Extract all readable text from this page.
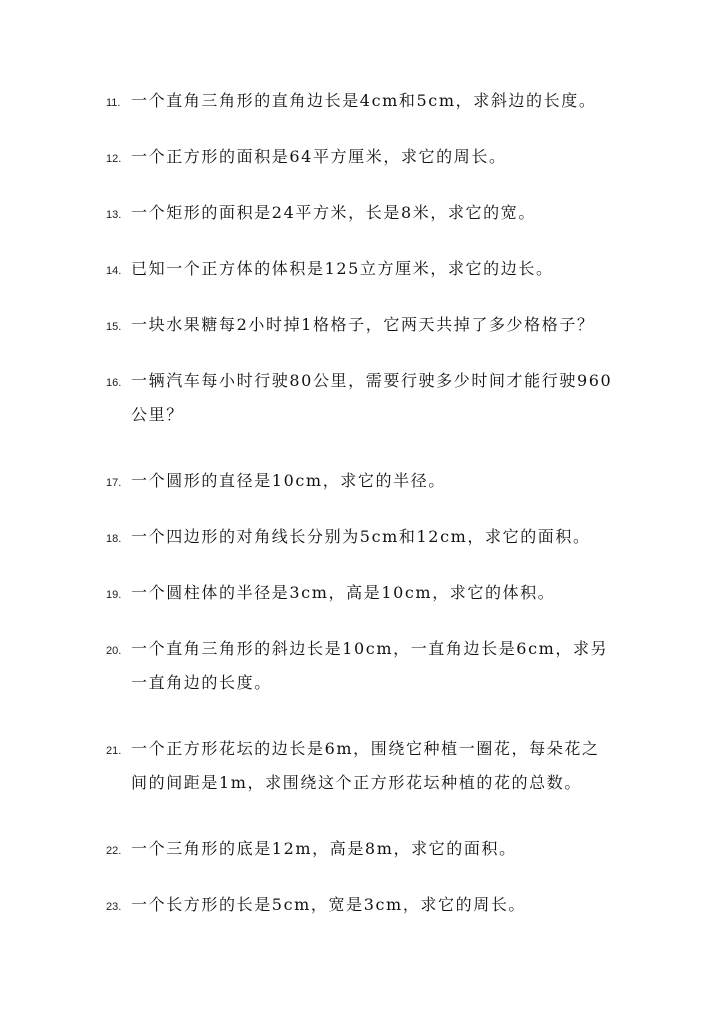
11. 一个直角三角形的直角边长是4cm和5cm，求斜边的长度。
12. 一个正方形的面积是64平方厘米，求它的周长。
13. 一个矩形的面积是24平方米，长是8米，求它的宽。
14. 已知一个正方体的体积是125立方厘米，求它的边长。
15. 一块水果糖每2小时掉1格格子，它两天共掉了多少格格子？
16. 一辆汽车每小时行驶80公里，需要行驶多少时间才能行驶960
公里？
17. 一个圆形的直径是10cm，求它的半径。
18. 一个四边形的对角线长分别为5cm和12cm，求它的面积。
19. 一个圆柱体的半径是3cm，高是10cm，求它的体积。
20. 一个直角三角形的斜边长是10cm，一直角边长是6cm，求另
一直角边的长度。
21. 一个正方形花坛的边长是6m，围绕它种植一圈花，每朵花之
间的间距是1m，求围绕这个正方形花坛种植的花的总数。
22. 一个三角形的底是12m，高是8m，求它的面积。
23. 一个长方形的长是5cm，宽是3cm，求它的周长。
